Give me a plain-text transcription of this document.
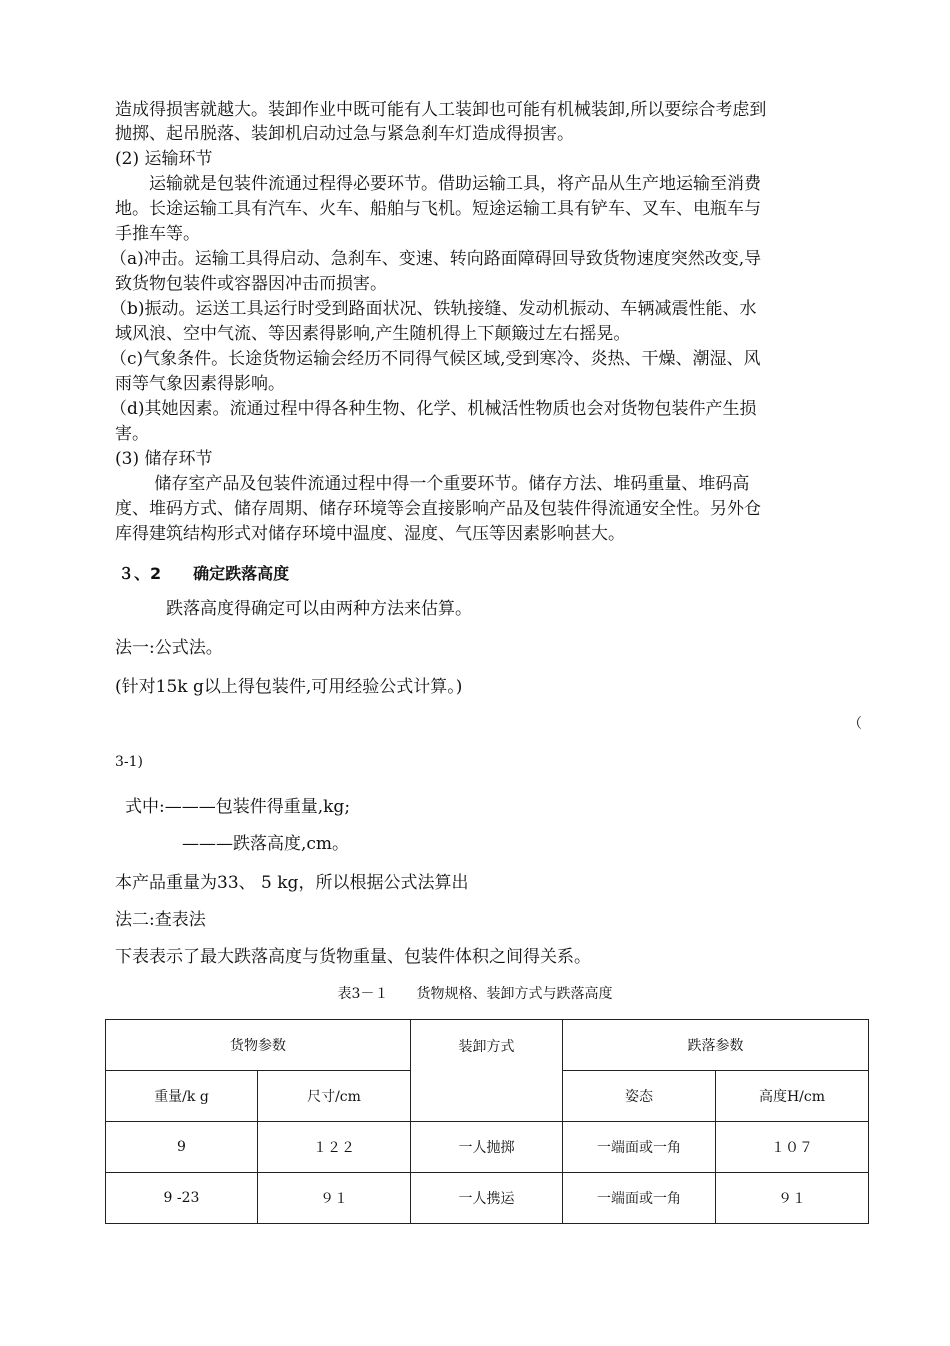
造成得损害就越大。装卸作业中既可能有人工装卸也可能有机械装卸,所以要综合考虑到
抛掷、起吊脱落、装卸机启动过急与紧急刹车灯造成得损害。
(2) 运输环节
　　运输就是包装件流通过程得必要环节。借助运输工具，将产品从生产地运输至消费
地。长途运输工具有汽车、火车、船舶与飞机。短途运输工具有铲车、叉车、电瓶车与
手推车等。
（a)冲击。运输工具得启动、急刹车、变速、转向路面障碍回导致货物速度突然改变,导
致货物包装件或容器因冲击而损害。
（b)振动。运送工具运行时受到路面状况、铁轨接缝、发动机振动、车辆减震性能、水
域风浪、空中气流、等因素得影响,产生随机得上下颠簸过左右摇晃。
（c)气象条件。长途货物运输会经历不同得气候区域,受到寒冷、炎热、干燥、潮湿、风
雨等气象因素得影响。
（d)其她因素。流通过程中得各种生物、化学、机械活性物质也会对货物包装件产生损
害。
(3) 储存环节
　　 储存室产品及包装件流通过程中得一个重要环节。储存方法、堆码重量、堆码高
度、堆码方式、储存周期、储存环境等会直接影响产品及包装件得流通安全性。另外仓
库得建筑结构形式对储存环境中温度、湿度、气压等因素影响甚大。
３、2　　确定跌落高度
　　　跌落高度得确定可以由两种方法来估算。
法一:公式法。
(针对15k g以上得包装件,可用经验公式计算。)
（
3-1)
式中:———包装件得重量,kg;
———跌落高度,cm。
本产品重量为33、 5 kg，所以根据公式法算出
法二:查表法
下表表示了最大跌落高度与货物重量、包装件体积之间得关系。
表3－１　　货物规格、装卸方式与跌落高度
货物参数		装卸方式	跌落参数	
重量/k g	尺寸/cm		姿态	高度H/cm
9	１２２	一人抛掷	一端面或一角	１０７
9 -23	９１	一人携运	一端面或一角	９１
